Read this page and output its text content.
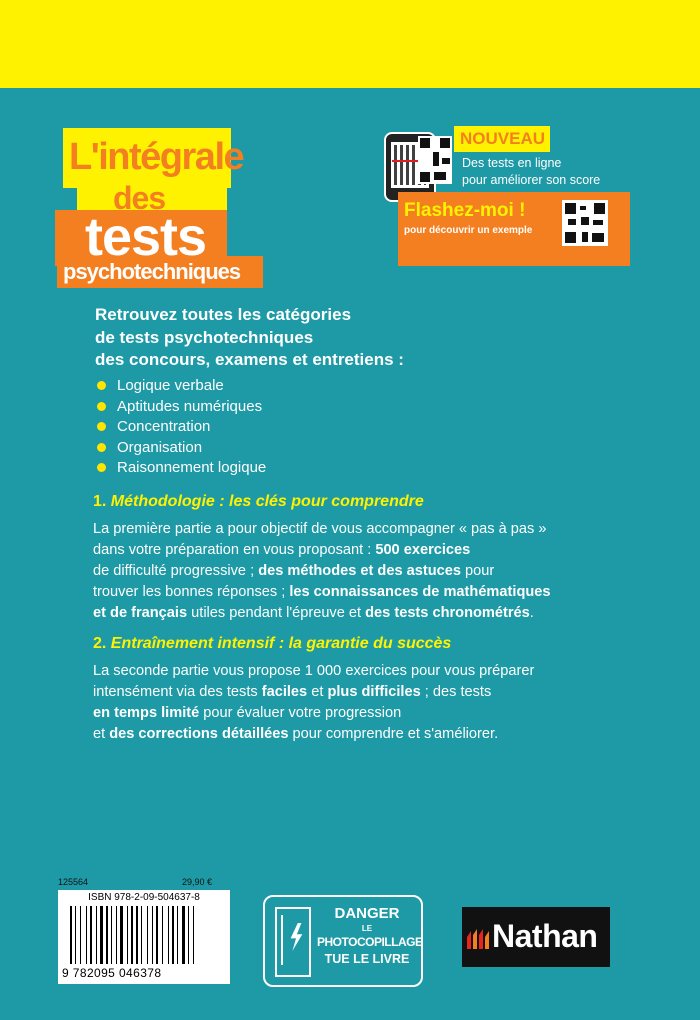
L'intégrale
des
tests
psychotechniques
NOUVEAU
Des tests en ligne
pour améliorer son score
Flashez-moi !
pour découvrir un exemple
Retrouvez toutes les catégories
de tests psychotechniques
des concours, examens et entretiens :
Logique verbale
Aptitudes numériques
Concentration
Organisation
Raisonnement logique
1. Méthodologie : les clés pour comprendre
La première partie a pour objectif de vous accompagner « pas à pas »
dans votre préparation en vous proposant : 500 exercices
de difficulté progressive ; des méthodes et des astuces pour
trouver les bonnes réponses ; les connaissances de mathématiques
et de français utiles pendant l'épreuve et des tests chronométrés.
2. Entraînement intensif : la garantie du succès
La seconde partie vous propose 1 000 exercices pour vous préparer
intensément via des tests faciles et plus difficiles ; des tests
en temps limité pour évaluer votre progression
et des corrections détaillées pour comprendre et s'améliorer.
125564	29,90 €
ISBN 978-2-09-504637-8
9 782095 046378
DANGER
LE
PHOTOCOPILLAGE
TUE LE LIVRE
Nathan
